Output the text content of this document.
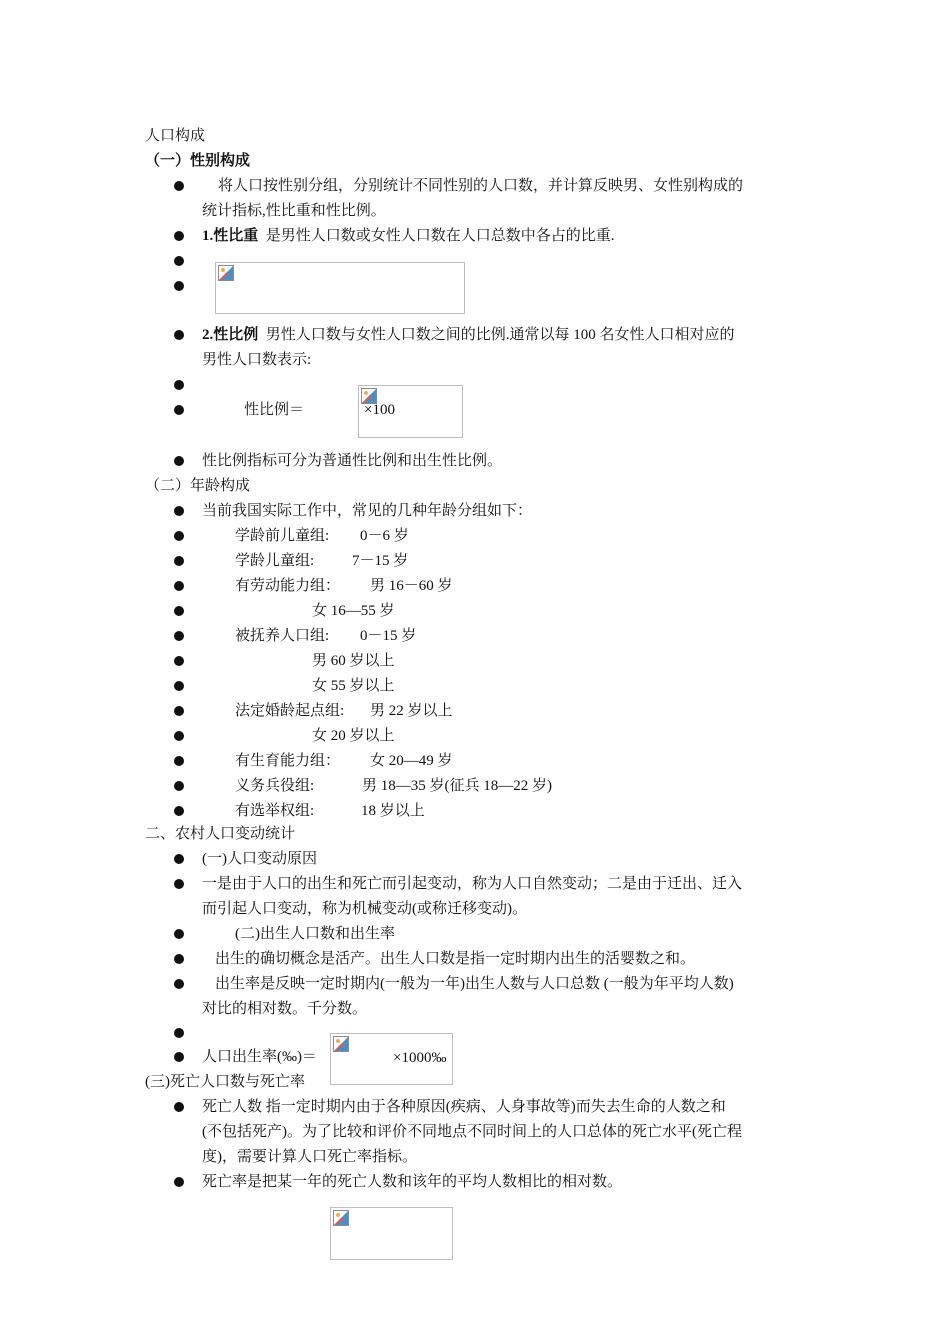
人口构成
（一）性别构成
将人口按性别分组，分别统计不同性别的人口数，并计算反映男、女性别构成的
统计指标,性比重和性比例。
1.性比重 是男性人口数或女性人口数在人口总数中各占的比重.
2.性比例 男性人口数与女性人口数之间的比例.通常以每 100 名女性人口相对应的
男性人口数表示:
性比例＝	×100
性比例指标可分为普通性比例和出生性比例。
（二）年龄构成
当前我国实际工作中，常见的几种年龄分组如下：
学龄前儿童组: 0－6 岁
学龄儿童组:	7－15 岁
有劳动能力组： 男 16－60 岁
女 16—55 岁
被抚养人口组: 0－15 岁
男 60 岁以上
女 55 岁以上
法定婚龄起点组: 男 22 岁以上
女 20 岁以上
有生育能力组： 女 20—49 岁
义务兵役组:	男 18—35 岁(征兵 18—22 岁)
有选举权组:	18 岁以上
二、农村人口变动统计
(一)人口变动原因
一是由于人口的出生和死亡而引起变动，称为人口自然变动；二是由于迁出、迁入
而引起人口变动，称为机械变动(或称迁移变动)。
(二)出生人口数和出生率
出生的确切概念是活产。出生人口数是指一定时期内出生的活婴数之和。
出生率是反映一定时期内(一般为一年)出生人数与人口总数 (一般为年平均人数)
对比的相对数。千分数。
人口出生率(‰)＝	×1000‰
(三)死亡人口数与死亡率
死亡人数 指一定时期内由于各种原因(疾病、人身事故等)而失去生命的人数之和
(不包括死产)。为了比较和评价不同地点不同时间上的人口总体的死亡水平(死亡程
度)，需要计算人口死亡率指标。
死亡率是把某一年的死亡人数和该年的平均人数相比的相对数。
